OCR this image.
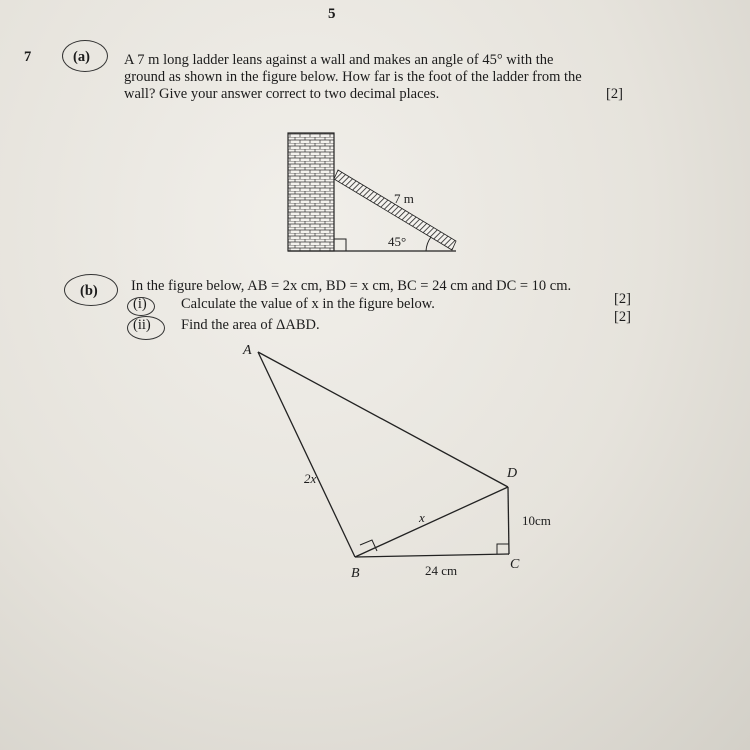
5
7	(a) A 7 m long ladder leans against a wall and makes an angle of 45° with the
ground as shown in the figure below. How far is the foot of the ladder from the
wall? Give your answer correct to two decimal places.	[2]
7 m
45°
(b) In the figure below, AB = 2x cm, BD = x cm, BC = 24 cm and DC = 10 cm.
(i) Calculate the value of x in the figure below.	[2]
(ii) Find the area of ΔABD.	[2]
A
B
C
D
2x
x	10cm
24 cm
